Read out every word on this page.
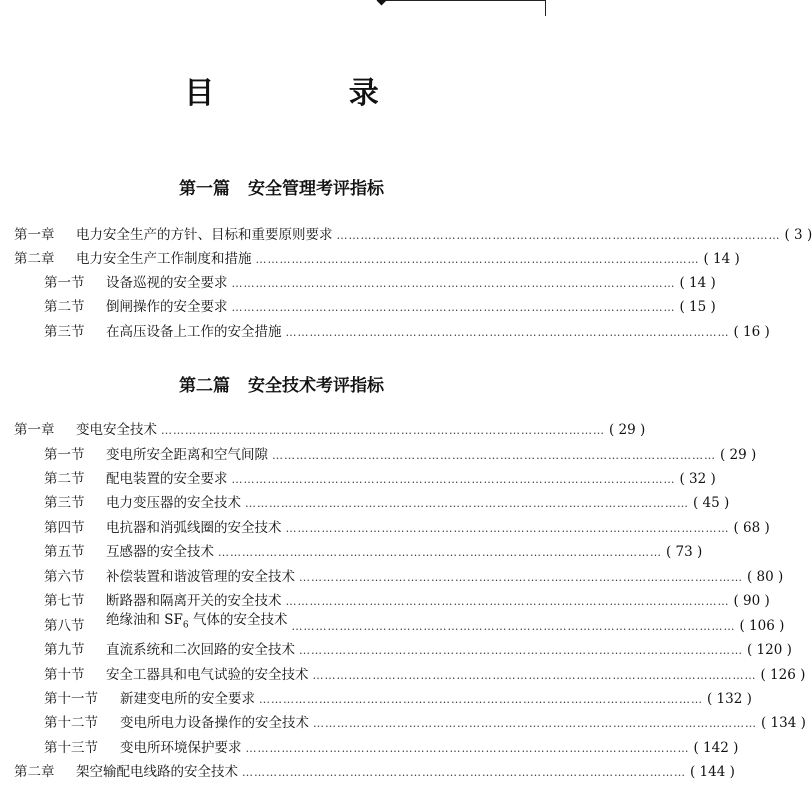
目 录
第一篇 安全管理考评指标
第一章	电力安全生产的方针、目标和重要原则要求 ………………………………………………………………………………………………… ( 3 )
第二章	电力安全生产工作制度和措施 ………………………………………………………………………………………………… ( 14 )
第一节	设备巡视的安全要求 ………………………………………………………………………………………………… ( 14 )
第二节	倒闸操作的安全要求 ………………………………………………………………………………………………… ( 15 )
第三节	在高压设备上工作的安全措施 ………………………………………………………………………………………………… ( 16 )
第二篇 安全技术考评指标
第一章	变电安全技术 ………………………………………………………………………………………………… ( 29 )
第一节	变电所安全距离和空气间隙 ………………………………………………………………………………………………… ( 29 )
第二节	配电装置的安全要求 ………………………………………………………………………………………………… ( 32 )
第三节	电力变压器的安全技术 ………………………………………………………………………………………………… ( 45 )
第四节	电抗器和消弧线圈的安全技术 ………………………………………………………………………………………………… ( 68 )
第五节	互感器的安全技术 ………………………………………………………………………………………………… ( 73 )
第六节	补偿装置和谐波管理的安全技术 ………………………………………………………………………………………………… ( 80 )
第七节	断路器和隔离开关的安全技术 ………………………………………………………………………………………………… ( 90 )
第八节	绝缘油和 $SF_6$ 气体的安全技术 ………………………………………………………………………………………………… ( 106 )
第九节	直流系统和二次回路的安全技术 ………………………………………………………………………………………………… ( 120 )
第十节	安全工器具和电气试验的安全技术 ………………………………………………………………………………………………… ( 126 )
第十一节	新建变电所的安全要求 ………………………………………………………………………………………………… ( 132 )
第十二节	变电所电力设备操作的安全技术 ………………………………………………………………………………………………… ( 134 )
第十三节	变电所环境保护要求 ………………………………………………………………………………………………… ( 142 )
第二章	架空输配电线路的安全技术 ………………………………………………………………………………………………… ( 144 )
